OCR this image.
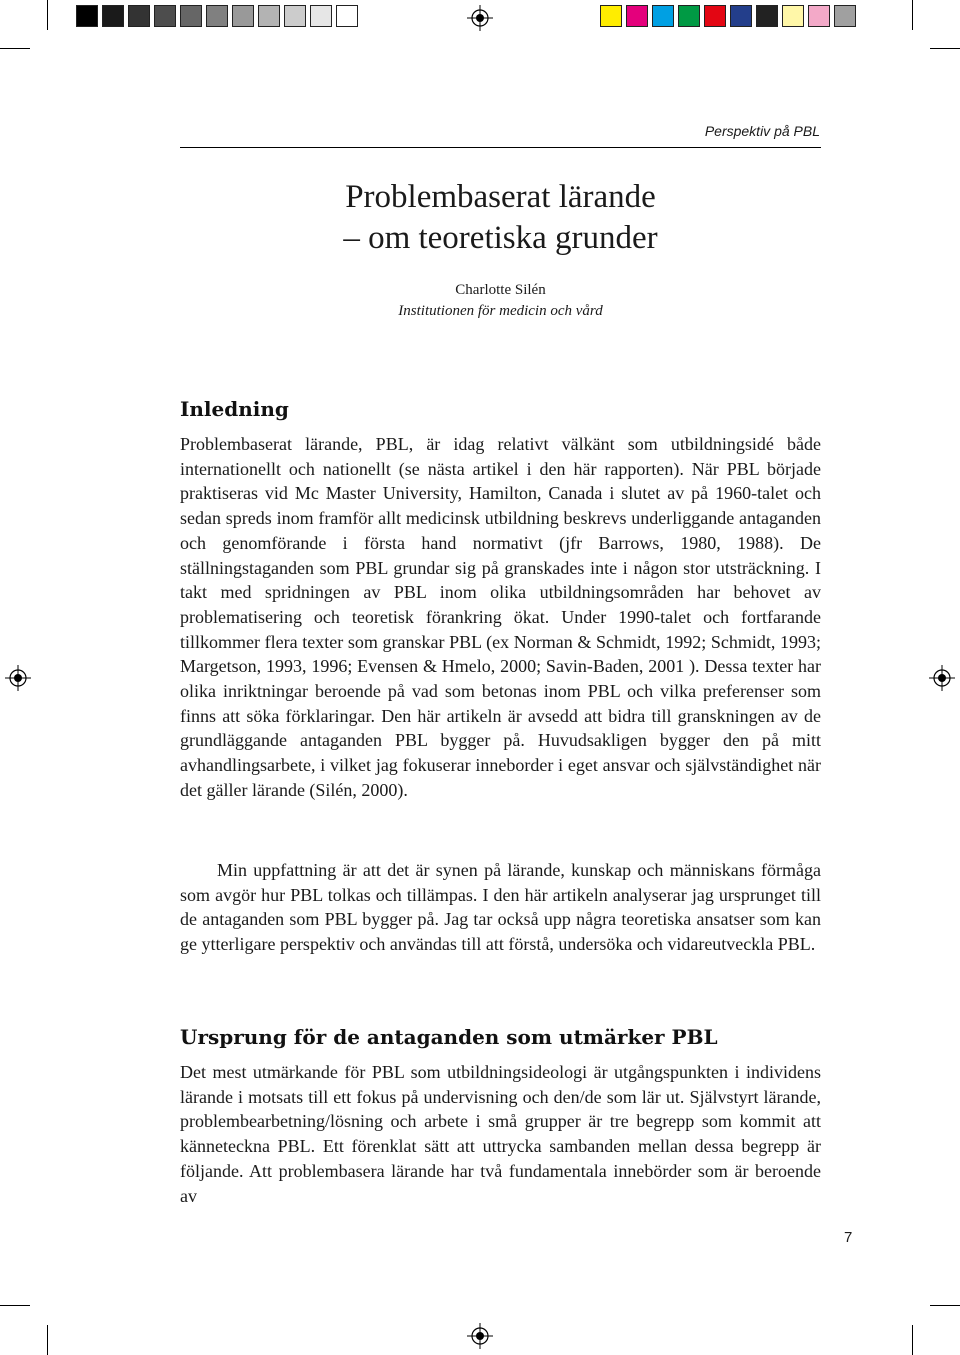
Perspektiv på PBL
Problembaserat lärande
– om teoretiska grunder
Charlotte Silén
Institutionen för medicin och vård
Inledning

Problembaserat lärande, PBL, är idag relativt välkänt som utbildningsidé både internationellt och nationellt (se nästa artikel i den här rapporten). När PBL började praktiseras vid Mc Master University, Hamilton, Canada i slutet av på 1960-talet och sedan spreds inom framför allt medicinsk utbildning beskrevs underliggande antaganden och genomförande i första hand normativt (jfr Barrows, 1980, 1988). De ställningstaganden som PBL grundar sig på granskades inte i någon stor utsträckning. I takt med spridningen av PBL inom olika utbildningsområden har behovet av problematisering och teoretisk förankring ökat. Under 1990-talet och fortfarande tillkommer flera texter som granskar PBL (ex Norman & Schmidt, 1992; Schmidt, 1993; Margetson, 1993, 1996; Evensen & Hmelo, 2000; Savin-Baden, 2001 ). Dessa texter har olika inriktningar beroende på vad som betonas inom PBL och vilka preferenser som finns att söka förklaringar. Den här artikeln är avsedd att bidra till granskningen av de grundläggande antaganden PBL bygger på. Huvudsakligen bygger den på mitt avhandlingsarbete, i vilket jag fokuserar inneborder i eget ansvar och självständighet när det gäller lärande (Silén, 2000).

Min uppfattning är att det är synen på lärande, kunskap och människans förmåga som avgör hur PBL tolkas och tillämpas. I den här artikeln analyserar jag ursprunget till de antaganden som PBL bygger på. Jag tar också upp några teoretiska ansatser som kan ge ytterligare perspektiv och användas till att förstå, undersöka och vidareutveckla PBL.

Ursprung för de antaganden som utmärker PBL

Det mest utmärkande för PBL som utbildningsideologi är utgångspunkten i individens lärande i motsats till ett fokus på undervisning och den/de som lär ut. Självstyrt lärande, problembearbetning/lösning och arbete i små grupper är tre begrepp som kommit att känneteckna PBL. Ett förenklat sätt att uttrycka sambanden mellan dessa begrepp är följande. Att problembasera lärande har två fundamentala innebörder som är beroende av

7
